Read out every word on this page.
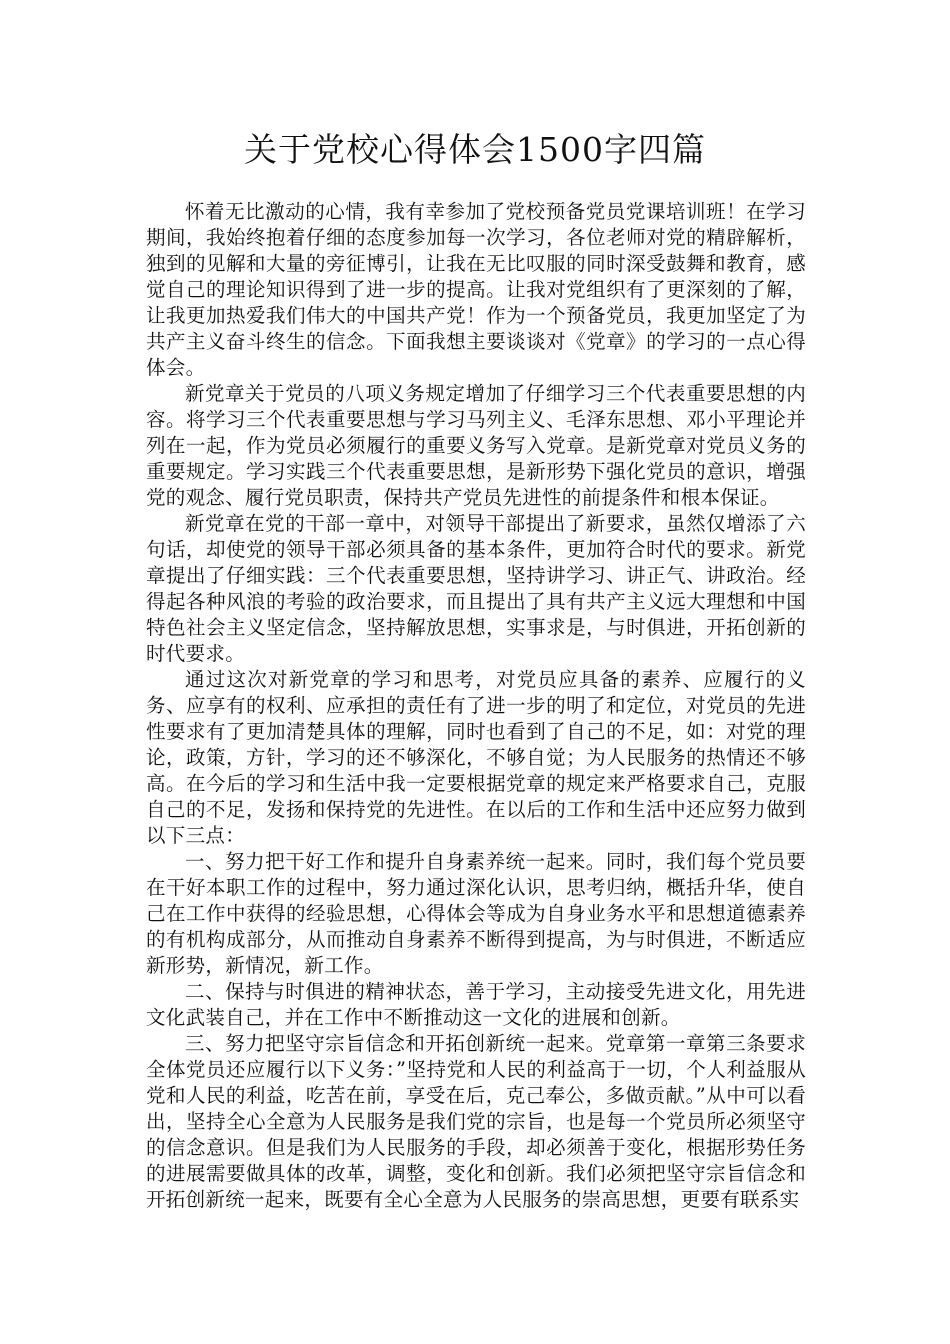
关于党校心得体会1500字四篇

怀着无比激动的心情，我有幸参加了党校预备党员党课培训班！在学习期间，我始终抱着仔细的态度参加每一次学习，各位老师对党的精辟解析，独到的见解和大量的旁征博引，让我在无比叹服的同时深受鼓舞和教育，感觉自己的理论知识得到了进一步的提高。让我对党组织有了更深刻的了解，让我更加热爱我们伟大的中国共产党！作为一个预备党员，我更加坚定了为共产主义奋斗终生的信念。下面我想主要谈谈对《党章》的学习的一点心得体会。

新党章关于党员的八项义务规定增加了仔细学习三个代表重要思想的内容。将学习三个代表重要思想与学习马列主义、毛泽东思想、邓小平理论并列在一起，作为党员必须履行的重要义务写入党章。是新党章对党员义务的重要规定。学习实践三个代表重要思想，是新形势下强化党员的意识，增强党的观念、履行党员职责，保持共产党员先进性的前提条件和根本保证。

新党章在党的干部一章中，对领导干部提出了新要求，虽然仅增添了六句话，却使党的领导干部必须具备的基本条件，更加符合时代的要求。新党章提出了仔细实践：三个代表重要思想，坚持讲学习、讲正气、讲政治。经得起各种风浪的考验的政治要求，而且提出了具有共产主义远大理想和中国特色社会主义坚定信念，坚持解放思想，实事求是，与时俱进，开拓创新的时代要求。

通过这次对新党章的学习和思考，对党员应具备的素养、应履行的义务、应享有的权利、应承担的责任有了进一步的明了和定位，对党员的先进性要求有了更加清楚具体的理解，同时也看到了自己的不足，如：对党的理论，政策，方针，学习的还不够深化，不够自觉；为人民服务的热情还不够高。在今后的学习和生活中我一定要根据党章的规定来严格要求自己，克服自己的不足，发扬和保持党的先进性。在以后的工作和生活中还应努力做到以下三点：

一、努力把干好工作和提升自身素养统一起来。同时，我们每个党员要在干好本职工作的过程中，努力通过深化认识，思考归纳，概括升华，使自己在工作中获得的经验思想，心得体会等成为自身业务水平和思想道德素养的有机构成部分，从而推动自身素养不断得到提高，为与时俱进，不断适应新形势，新情况，新工作。

二、保持与时俱进的精神状态，善于学习，主动接受先进文化，用先进文化武装自己，并在工作中不断推动这一文化的进展和创新。

三、努力把坚守宗旨信念和开拓创新统一起来。党章第一章第三条要求全体党员还应履行以下义务：”坚持党和人民的利益高于一切，个人利益服从党和人民的利益，吃苦在前，享受在后，克己奉公，多做贡献。”从中可以看出，坚持全心全意为人民服务是我们党的宗旨，也是每一个党员所必须坚守的信念意识。但是我们为人民服务的手段，却必须善于变化，根据形势任务的进展需要做具体的改革，调整，变化和创新。我们必须把坚守宗旨信念和开拓创新统一起来，既要有全心全意为人民服务的崇高思想，更要有联系实
